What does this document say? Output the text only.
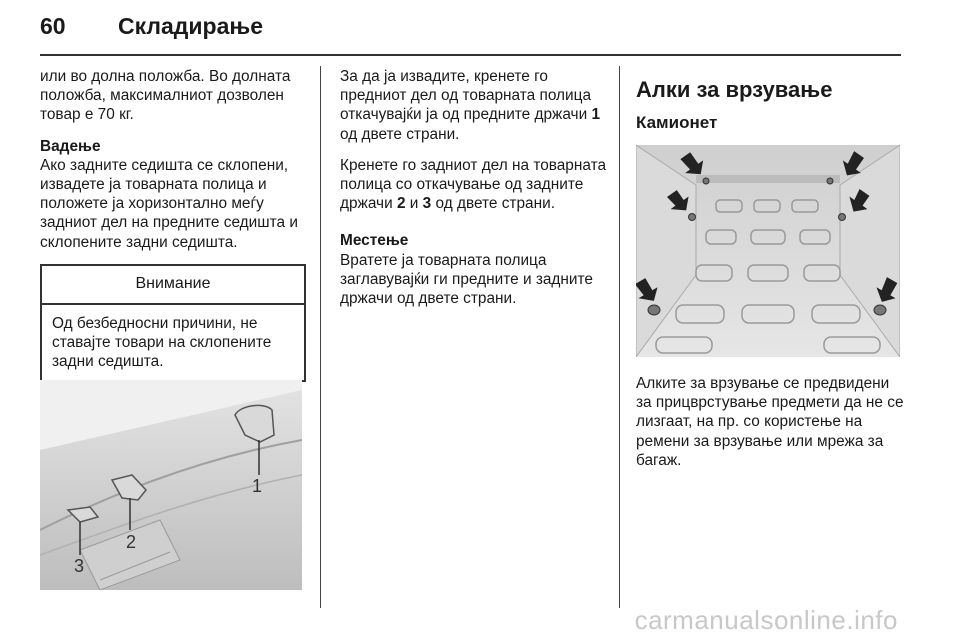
60 Складирање

или во долна положба. Во долната положба, максималниот дозволен товар е 70 кг.

Вадење
Ако задните седишта се склопени, извадете ја товарната полица и положете ја хоризонтално меѓу задниот дел на предните седишта и склопените задни седишта.

Внимание
Од безбедносни причини, не ставајте товари на склопените задни седишта.
1
2
3

За да ја извадите, кренете го предниот дел од товарната полица откачувајќи ја од предните држачи 1 од двете страни.

Кренете го задниот дел на товарната полица со откачување од задните држачи 2 и 3 од двете страни.

Местење
Вратете ја товарната полица заглавувајќи ги предните и задните држачи од двете страни.

Алки за врзување
Камионет
Алките за врзување се предвидени за прицврстување предмети да не се лизгаат, на пр. со користење на ремени за врзување или мрежа за багаж.
carmanualsonline.info
